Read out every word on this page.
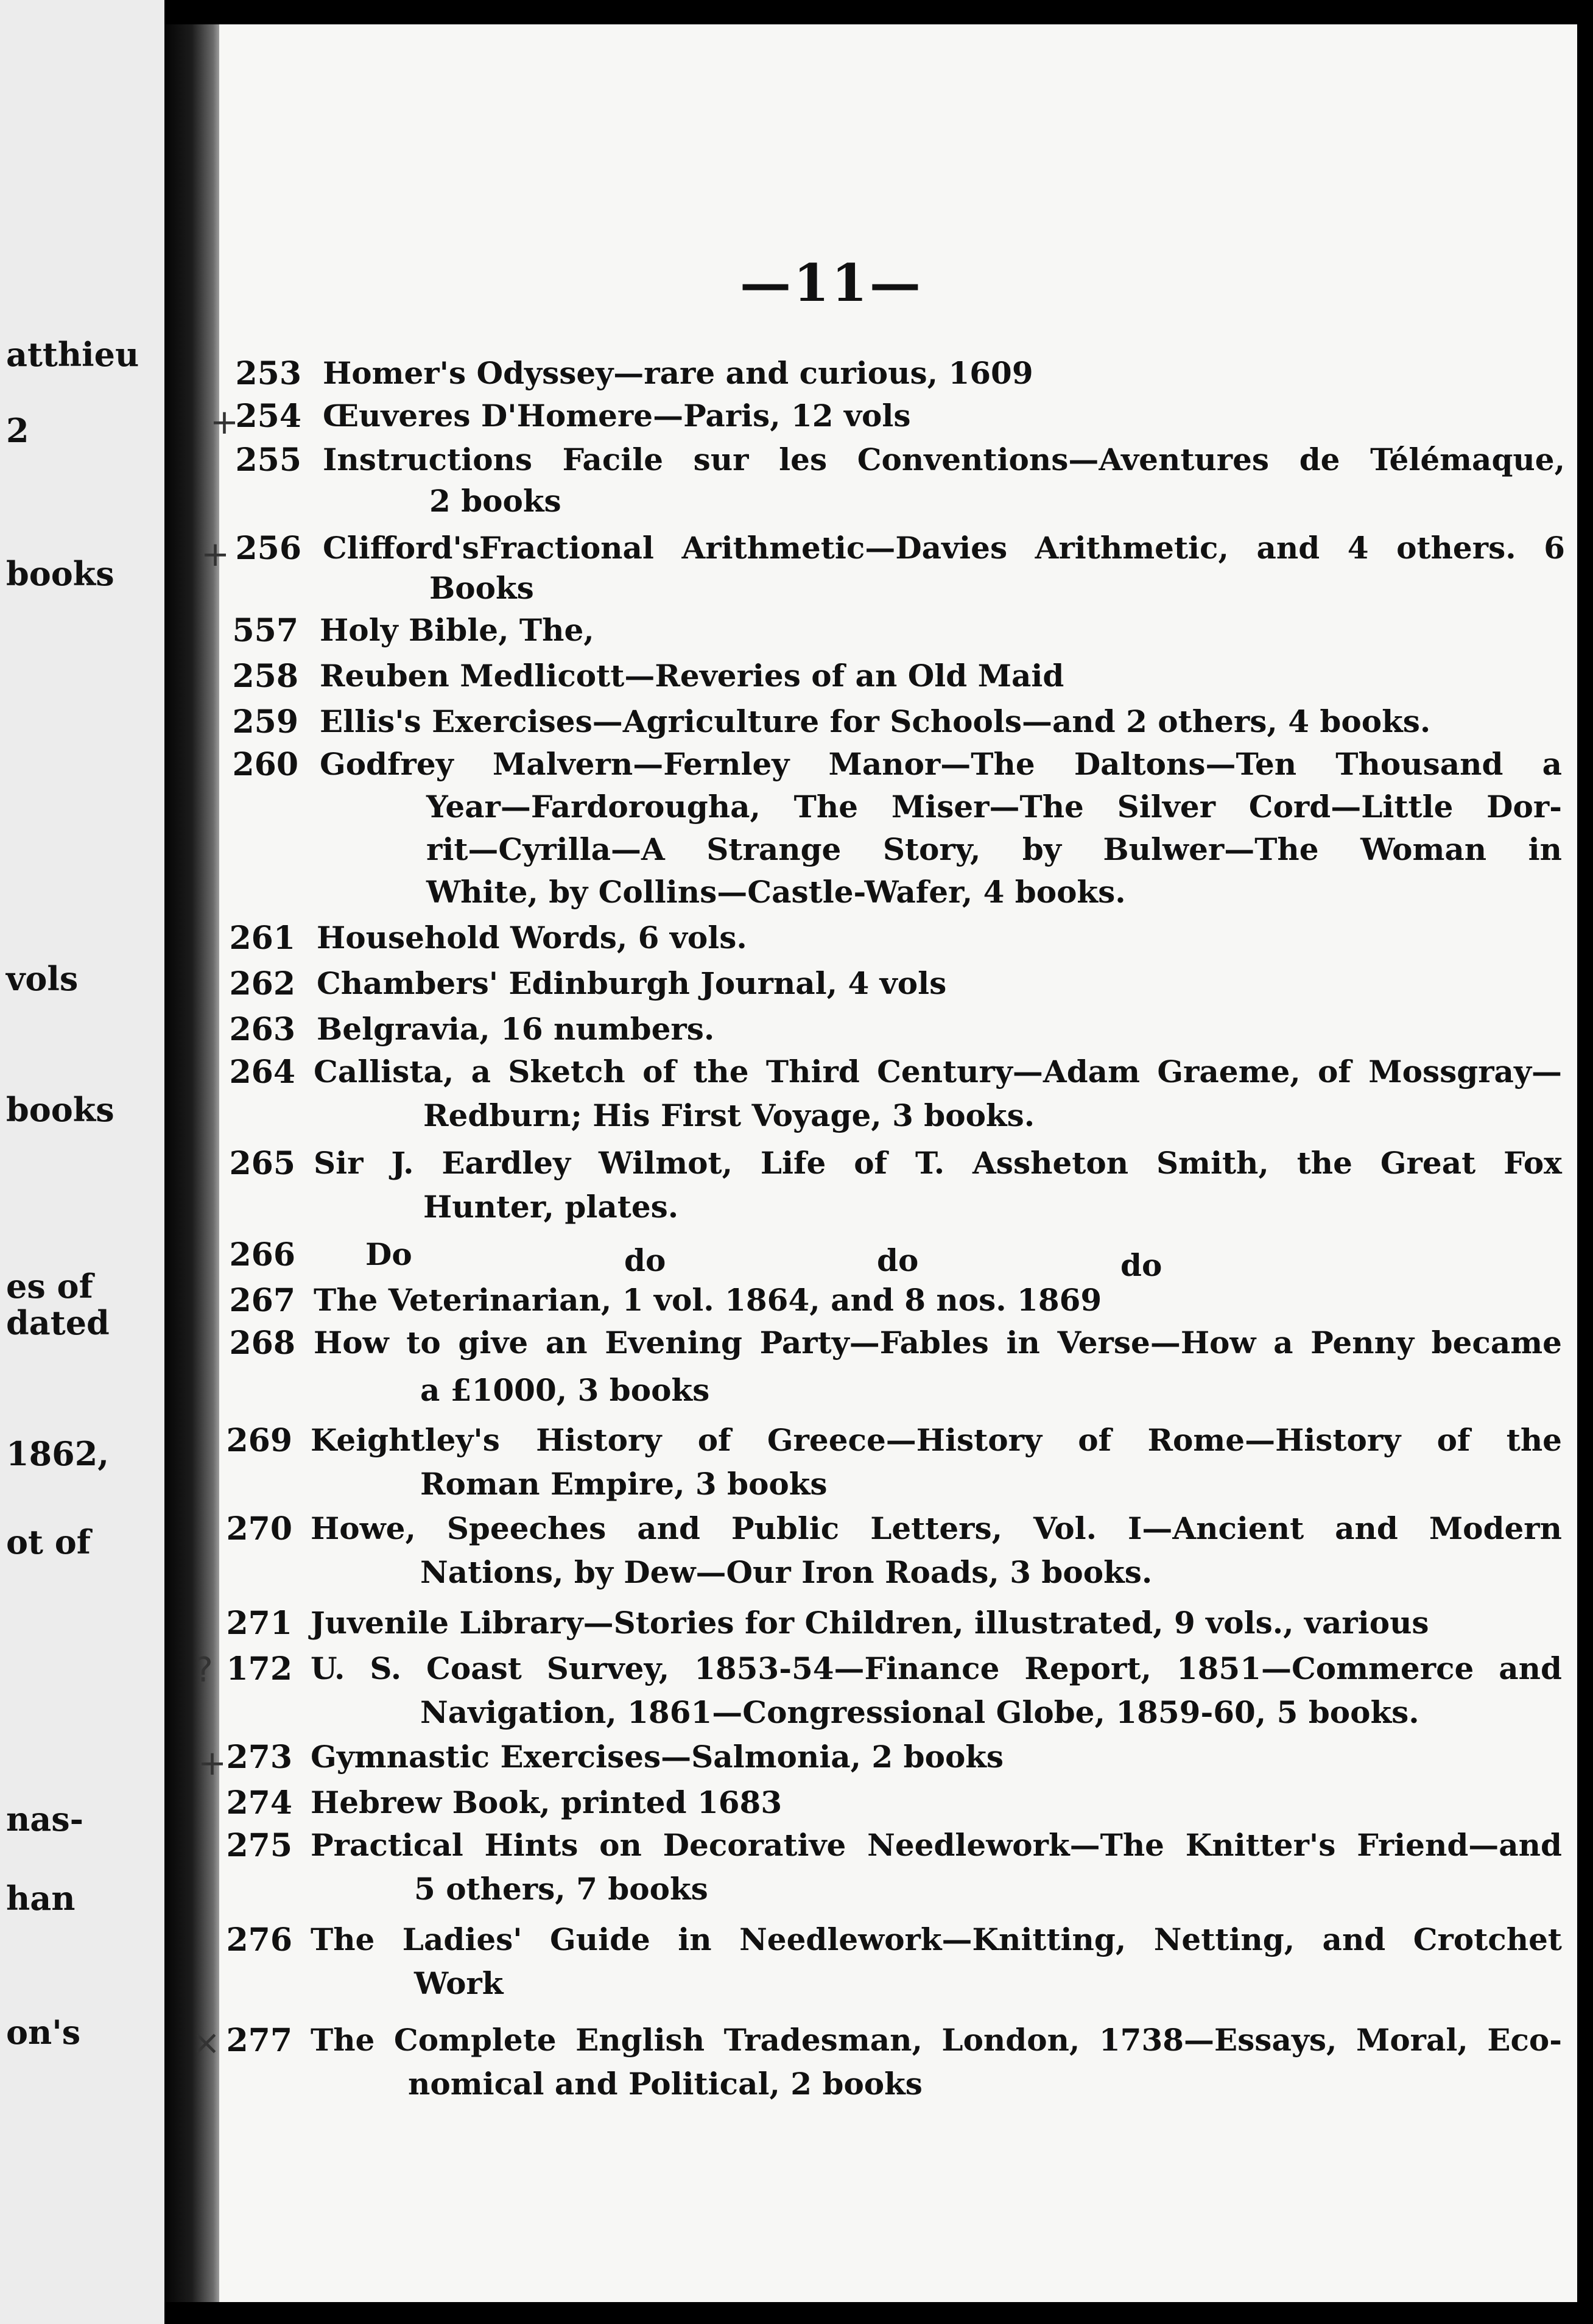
atthieu
2
books
vols
books
es of
dated
1862,
ot of
nas-
han
on's
—11—
253 Homer's Odyssey—rare and curious, 1609
+
254 Œuveres D'Homere—Paris, 12 vols
255 Instructions Facile sur les Conventions—Aventures de Télémaque,
2 books
+ 256 Clifford'sFractional Arithmetic—Davies Arithmetic, and 4 others. 6
Books
557 Holy Bible, The,
258 Reuben Medlicott—Reveries of an Old Maid
259 Ellis's Exercises—Agriculture for Schools—and 2 others, 4 books.
260 Godfrey Malvern—Fernley Manor—The Daltons—Ten Thousand a
Year—Fardorougha, The Miser—The Silver Cord—Little Dor-
rit—Cyrilla—A Strange Story, by Bulwer—The Woman in
White, by Collins—Castle-Wafer, 4 books.
261 Household Words, 6 vols.
262 Chambers' Edinburgh Journal, 4 vols
263 Belgravia, 16 numbers.
264 Callista, a Sketch of the Third Century—Adam Graeme, of Mossgray—
Redburn; His First Voyage, 3 books.
265 Sir J. Eardley Wilmot, Life of T. Assheton Smith, the Great Fox
Hunter, plates.
266 Do	do	do	do
267 The Veterinarian, 1 vol. 1864, and 8 nos. 1869
268 How to give an Evening Party—Fables in Verse—How a Penny became
a £1000, 3 books
269 Keightley's History of Greece—History of Rome—History of the
Roman Empire, 3 books
270 Howe, Speeches and Public Letters, Vol. I—Ancient and Modern
Nations, by Dew—Our Iron Roads, 3 books.
271 Juvenile Library—Stories for Children, illustrated, 9 vols., various
? 172 U. S. Coast Survey, 1853-54—Finance Report, 1851—Commerce and
Navigation, 1861—Congressional Globe, 1859-60, 5 books.
+ 273 Gymnastic Exercises—Salmonia, 2 books
274 Hebrew Book, printed 1683
275 Practical Hints on Decorative Needlework—The Knitter's Friend—and
5 others, 7 books
276 The Ladies' Guide in Needlework—Knitting, Netting, and Crotchet
Work
× 277 The Complete English Tradesman, London, 1738—Essays, Moral, Eco-
nomical and Political, 2 books
